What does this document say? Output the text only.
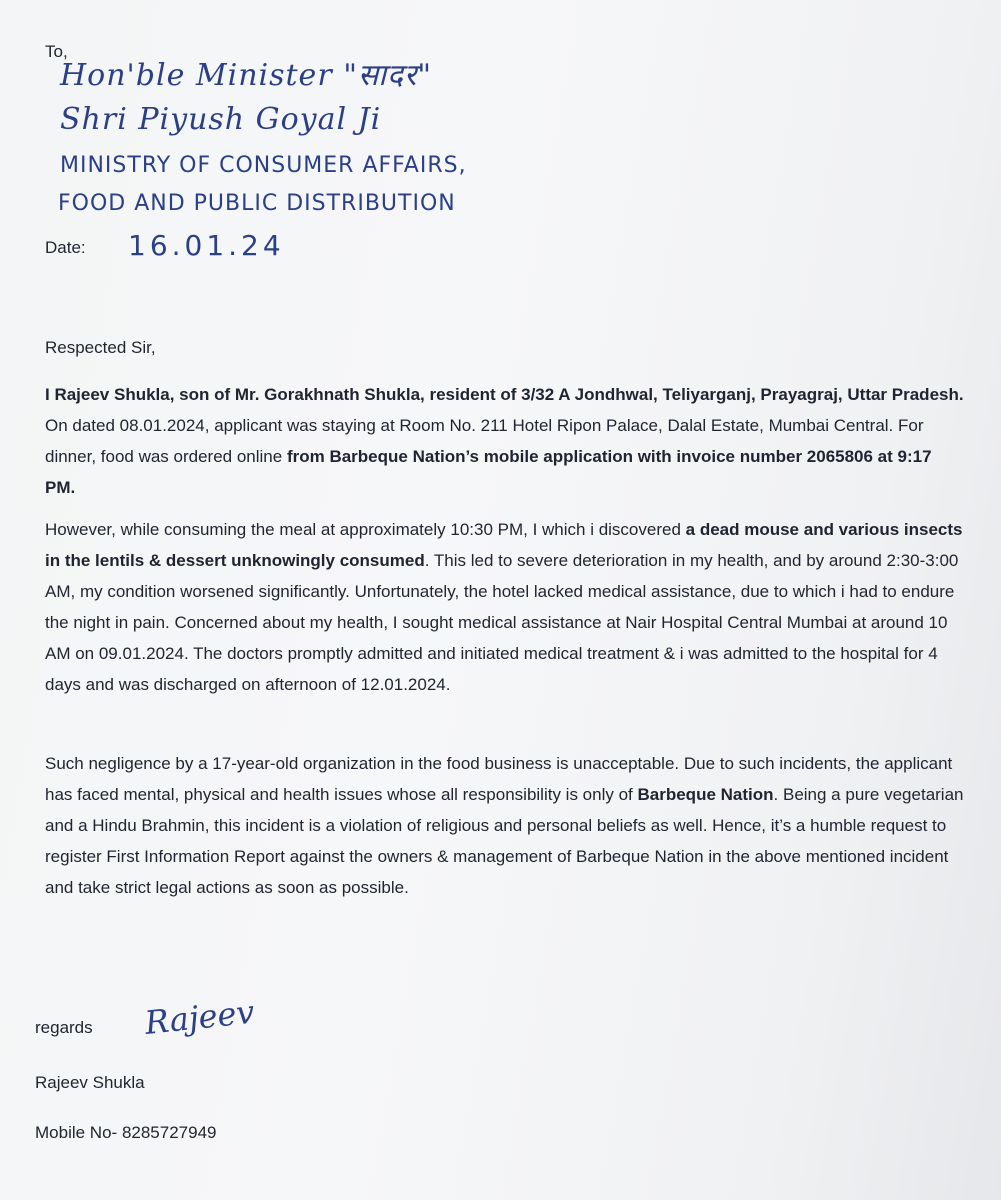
To,

Hon'ble Minister "सादर"
Shri Piyush Goyal Ji
MINISTRY OF CONSUMER AFFAIRS,
FOOD AND PUBLIC DISTRIBUTION

Date: 16.01.24

Respected Sir,

I Rajeev Shukla, son of Mr. Gorakhnath Shukla, resident of 3/32 A Jondhwal, Teliyarganj, Prayagraj, Uttar Pradesh. On dated 08.01.2024, applicant was staying at Room No. 211 Hotel Ripon Palace, Dalal Estate, Mumbai Central. For dinner, food was ordered online from Barbeque Nation’s mobile application with invoice number 2065806 at 9:17 PM.

However, while consuming the meal at approximately 10:30 PM, I which i discovered a dead mouse and various insects in the lentils & dessert unknowingly consumed. This led to severe deterioration in my health, and by around 2:30-3:00 AM, my condition worsened significantly. Unfortunately, the hotel lacked medical assistance, due to which i had to endure the night in pain. Concerned about my health, I sought medical assistance at Nair Hospital Central Mumbai at around 10 AM on 09.01.2024. The doctors promptly admitted and initiated medical treatment & i was admitted to the hospital for 4 days and was discharged on afternoon of 12.01.2024.

Such negligence by a 17-year-old organization in the food business is unacceptable. Due to such incidents, the applicant has faced mental, physical and health issues whose all responsibility is only of Barbeque Nation. Being a pure vegetarian and a Hindu Brahmin, this incident is a violation of religious and personal beliefs as well. Hence, it’s a humble request to register First Information Report against the owners & management of Barbeque Nation in the above mentioned incident and take strict legal actions as soon as possible.

regards Rajeev

Rajeev Shukla

Mobile No- 8285727949
